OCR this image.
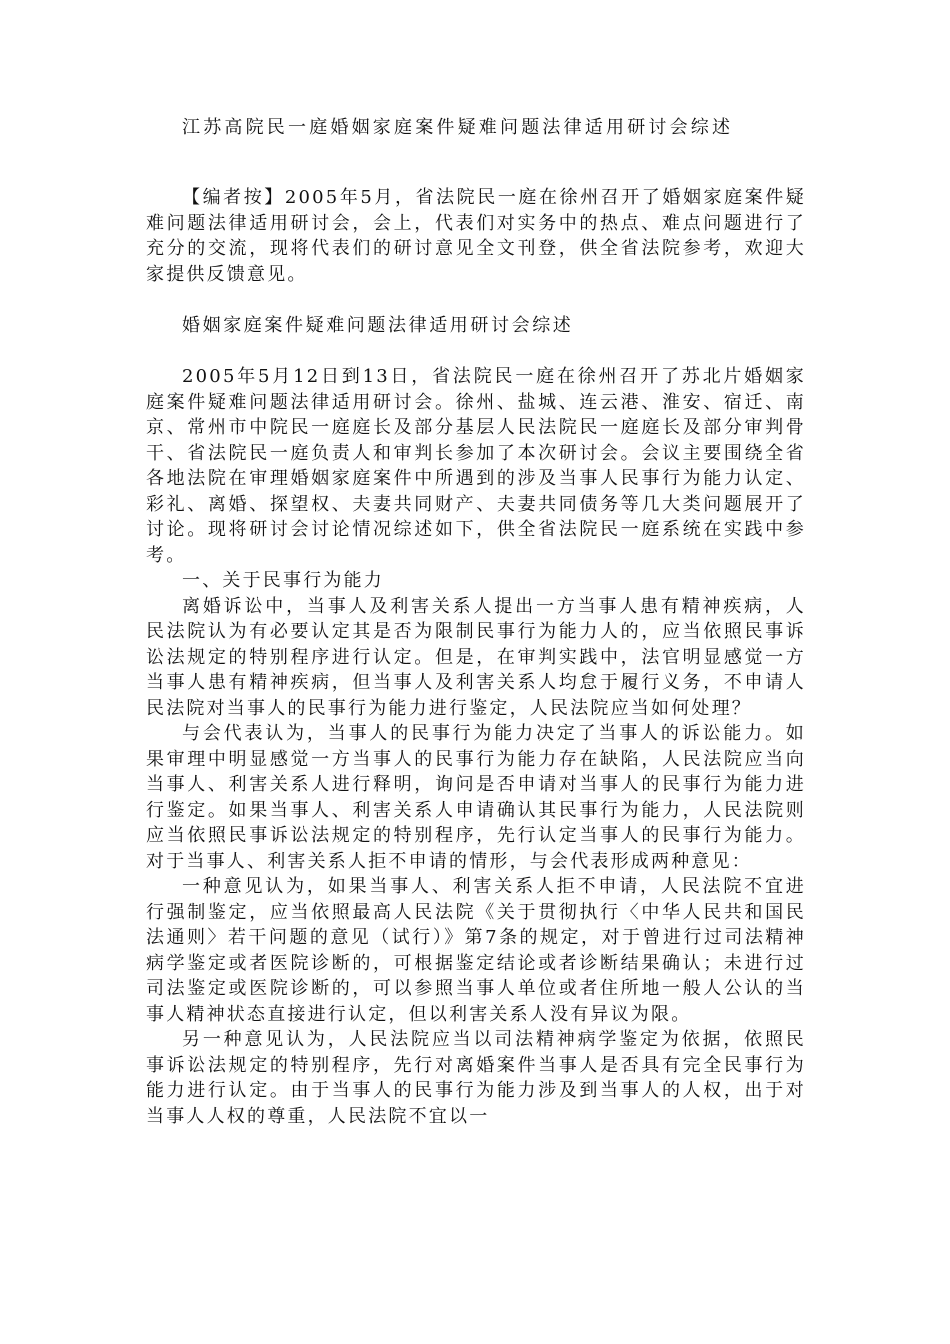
江苏高院民一庭婚姻家庭案件疑难问题法律适用研讨会综述

【编者按】2005年5月，省法院民一庭在徐州召开了婚姻家庭案件疑难问题法律适用研讨会，会上，代表们对实务中的热点、难点问题进行了充分的交流，现将代表们的研讨意见全文刊登，供全省法院参考，欢迎大家提供反馈意见。

婚姻家庭案件疑难问题法律适用研讨会综述

2005年5月12日到13日，省法院民一庭在徐州召开了苏北片婚姻家庭案件疑难问题法律适用研讨会。徐州、盐城、连云港、淮安、宿迁、南京、常州市中院民一庭庭长及部分基层人民法院民一庭庭长及部分审判骨干、省法院民一庭负责人和审判长参加了本次研讨会。会议主要围绕全省各地法院在审理婚姻家庭案件中所遇到的涉及当事人民事行为能力认定、彩礼、离婚、探望权、夫妻共同财产、夫妻共同债务等几大类问题展开了讨论。现将研讨会讨论情况综述如下，供全省法院民一庭系统在实践中参考。

一、关于民事行为能力

离婚诉讼中，当事人及利害关系人提出一方当事人患有精神疾病，人民法院认为有必要认定其是否为限制民事行为能力人的，应当依照民事诉讼法规定的特别程序进行认定。但是，在审判实践中，法官明显感觉一方当事人患有精神疾病，但当事人及利害关系人均怠于履行义务，不申请人民法院对当事人的民事行为能力进行鉴定，人民法院应当如何处理？

与会代表认为，当事人的民事行为能力决定了当事人的诉讼能力。如果审理中明显感觉一方当事人的民事行为能力存在缺陷，人民法院应当向当事人、利害关系人进行释明，询问是否申请对当事人的民事行为能力进行鉴定。如果当事人、利害关系人申请确认其民事行为能力，人民法院则应当依照民事诉讼法规定的特别程序，先行认定当事人的民事行为能力。对于当事人、利害关系人拒不申请的情形，与会代表形成两种意见：

一种意见认为，如果当事人、利害关系人拒不申请，人民法院不宜进行强制鉴定，应当依照最高人民法院《关于贯彻执行〈中华人民共和国民法通则〉若干问题的意见（试行）》第7条的规定，对于曾进行过司法精神病学鉴定或者医院诊断的，可根据鉴定结论或者诊断结果确认；未进行过司法鉴定或医院诊断的，可以参照当事人单位或者住所地一般人公认的当事人精神状态直接进行认定，但以利害关系人没有异议为限。

另一种意见认为，人民法院应当以司法精神病学鉴定为依据，依照民事诉讼法规定的特别程序，先行对离婚案件当事人是否具有完全民事行为能力进行认定。由于当事人的民事行为能力涉及到当事人的人权，出于对当事人人权的尊重，人民法院不宜以一
